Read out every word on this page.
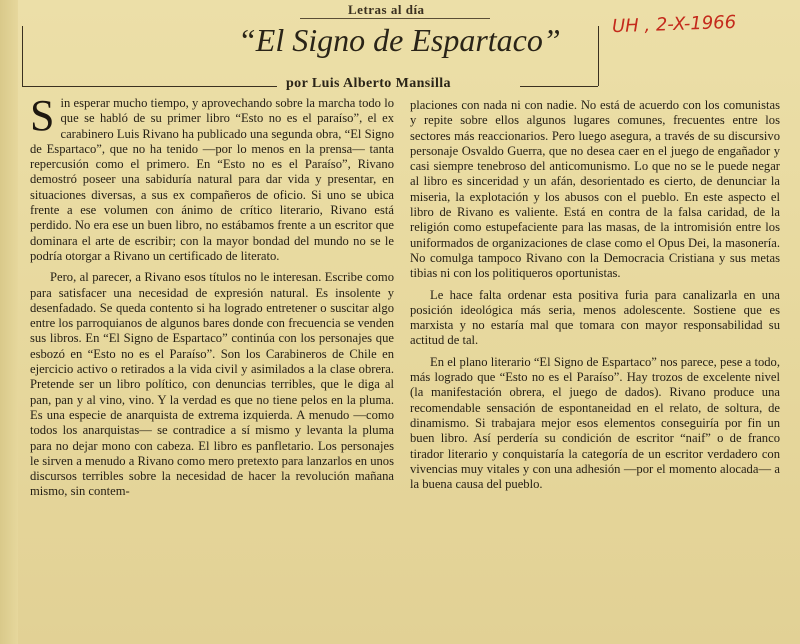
Letras al día
“El Signo de Espartaco”
por Luis Alberto Mansilla
UH , 2-X-1966

Sin esperar mucho tiempo, y aprovechando sobre la marcha todo lo que se habló de su primer libro “Esto no es el paraíso”, el ex carabinero Luis Rivano ha publicado una segunda obra, “El Signo de Espartaco”, que no ha tenido —por lo menos en la prensa— tanta repercusión como el primero. En “Esto no es el Paraíso”, Rivano demostró poseer una sabiduría natural para dar vida y presentar, en situaciones diversas, a sus ex compañeros de oficio. Si uno se ubica frente a ese volumen con ánimo de crítico literario, Rivano está perdido. No era ese un buen libro, no estábamos frente a un escritor que dominara el arte de escribir; con la mayor bondad del mundo no se le podría otorgar a Rivano un certificado de literato.

Pero, al parecer, a Rivano esos títulos no le interesan. Escribe como para satisfacer una necesidad de expresión natural. Es insolente y desenfadado. Se queda contento si ha logrado entretener o suscitar algo entre los parroquianos de algunos bares donde con frecuencia se venden sus libros. En “El Signo de Espartaco” continúa con los personajes que esbozó en “Esto no es el Paraíso”. Son los Carabineros de Chile en ejercicio activo o retirados a la vida civil y asimilados a la clase obrera. Pretende ser un libro político, con denuncias terribles, que le diga al pan, pan y al vino, vino. Y la verdad es que no tiene pelos en la pluma. Es una especie de anarquista de extrema izquierda. A menudo —como todos los anarquistas— se contradice a sí mismo y levanta la pluma para no dejar mono con cabeza. El libro es panfletario. Los personajes le sirven a menudo a Rivano como mero pretexto para lanzarlos en unos discursos terribles sobre la necesidad de hacer la revolución mañana mismo, sin contem-

placiones con nada ni con nadie. No está de acuerdo con los comunistas y repite sobre ellos algunos lugares comunes, frecuentes entre los sectores más reaccionarios. Pero luego asegura, a través de su discursivo personaje Osvaldo Guerra, que no desea caer en el juego de engañador y casi siempre tenebroso del anticomunismo. Lo que no se le puede negar al libro es sinceridad y un afán, desorientado es cierto, de denunciar la miseria, la explotación y los abusos con el pueblo. En este aspecto el libro de Rivano es valiente. Está en contra de la falsa caridad, de la religión como estupefaciente para las masas, de la intromisión entre los uniformados de organizaciones de clase como el Opus Dei, la masonería. No comulga tampoco Rivano con la Democracia Cristiana y sus metas tibias ni con los politiqueros oportunistas.

Le hace falta ordenar esta positiva furia para canalizarla en una posición ideológica más seria, menos adolescente. Sostiene que es marxista y no estaría mal que tomara con mayor responsabilidad su actitud de tal.

En el plano literario “El Signo de Espartaco” nos parece, pese a todo, más logrado que “Esto no es el Paraíso”. Hay trozos de excelente nivel (la manifestación obrera, el juego de dados). Rivano produce una recomendable sensación de espontaneidad en el relato, de soltura, de dinamismo. Si trabajara mejor esos elementos conseguiría por fin un buen libro. Así perdería su condición de escritor “naif” o de franco tirador literario y conquistaría la categoría de un escritor verdadero con vivencias muy vitales y con una adhesión —por el momento alocada— a la buena causa del pueblo.
